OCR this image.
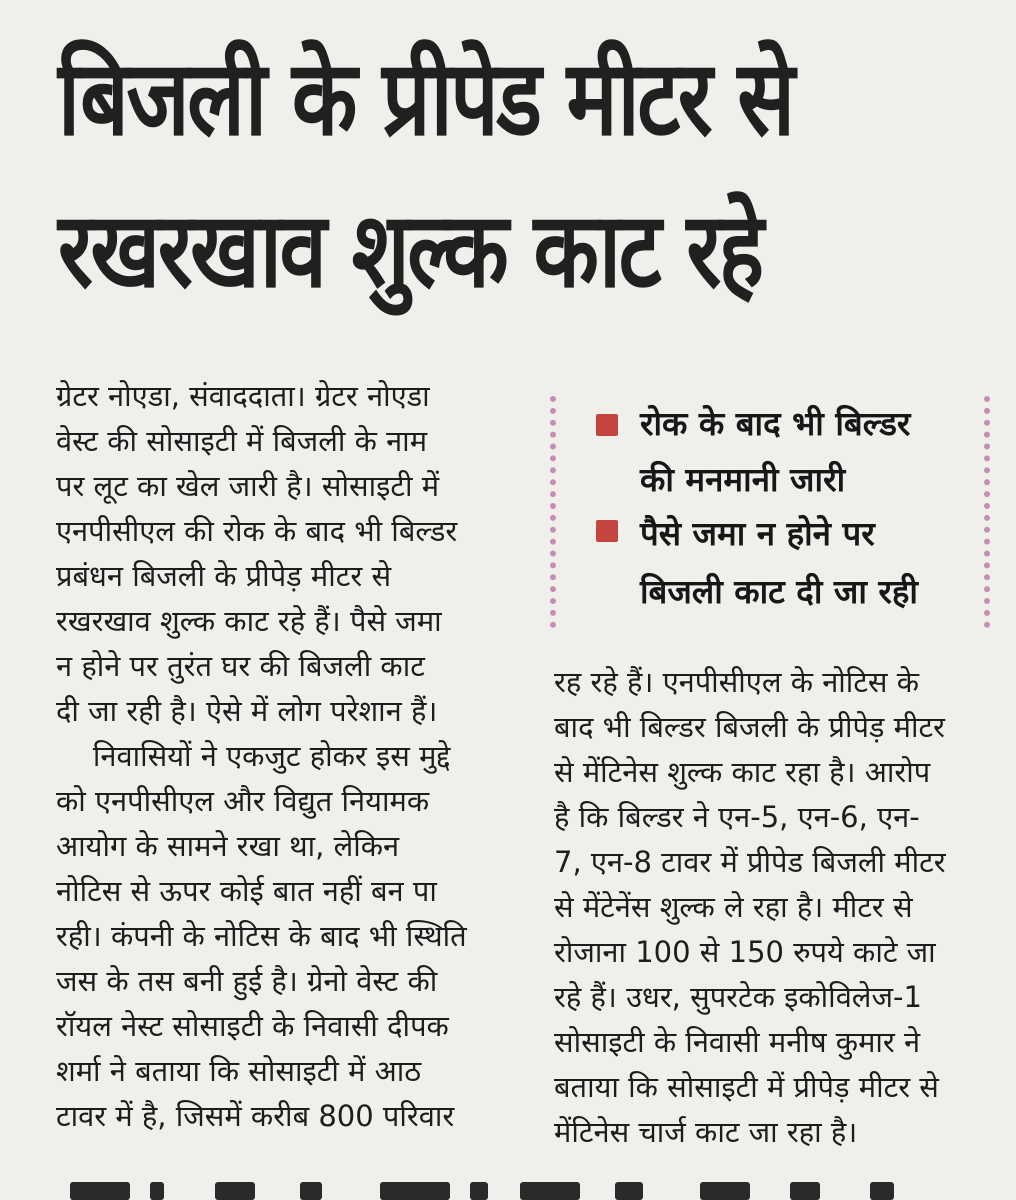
बिजली के प्रीपेड मीटर से
रखरखाव शुल्क काट रहे
ग्रेटर नोएडा, संवाददाता। ग्रेटर नोएडा
वेस्ट की सोसाइटी में बिजली के नाम
पर लूट का खेल जारी है। सोसाइटी में
एनपीसीएल की रोक के बाद भी बिल्डर
प्रबंधन बिजली के प्रीपेड़ मीटर से
रखरखाव शुल्क काट रहे हैं। पैसे जमा
न होने पर तुरंत घर की बिजली काट
दी जा रही है। ऐसे में लोग परेशान हैं।
निवासियों ने एकजुट होकर इस मुद्दे
को एनपीसीएल और विद्युत नियामक
आयोग के सामने रखा था, लेकिन
नोटिस से ऊपर कोई बात नहीं बन पा
रही। कंपनी के नोटिस के बाद भी स्थिति
जस के तस बनी हुई है। ग्रेनो वेस्ट की
रॉयल नेस्ट सोसाइटी के निवासी दीपक
शर्मा ने बताया कि सोसाइटी में आठ
टावर में है, जिसमें करीब 800 परिवार
रोक के बाद भी बिल्डर
की मनमानी जारी
पैसे जमा न होने पर
बिजली काट दी जा रही
रह रहे हैं। एनपीसीएल के नोटिस के
बाद भी बिल्डर बिजली के प्रीपेड़ मीटर
से मेंटिनेस शुल्क काट रहा है। आरोप
है कि बिल्डर ने एन-5, एन-6, एन-
7, एन-8 टावर में प्रीपेड बिजली मीटर
से मेंटेनेंस शुल्क ले रहा है। मीटर से
रोजाना 100 से 150 रुपये काटे जा
रहे हैं। उधर, सुपरटेक इकोविलेज-1
सोसाइटी के निवासी मनीष कुमार ने
बताया कि सोसाइटी में प्रीपेड़ मीटर से
मेंटिनेस चार्ज काट जा रहा है।
